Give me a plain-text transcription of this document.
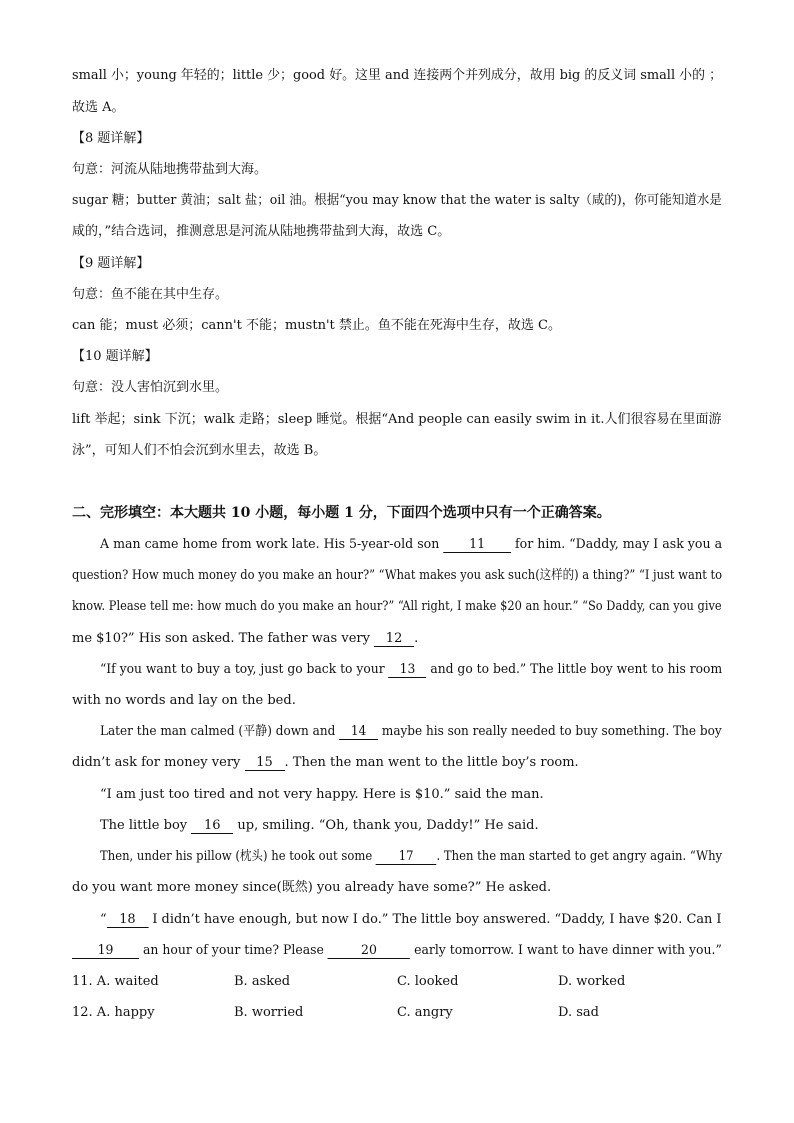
small 小；young 年轻的；little 少；good 好。这里 and 连接两个并列成分，故用 big 的反义词 small 小的 ；
故选 A。
【8 题详解】
句意：河流从陆地携带盐到大海。
sugar 糖；butter 黄油；salt 盐；oil 油。根据“you may know that the water is salty（咸的)，你可能知道水是
咸的，”结合选词，推测意思是河流从陆地携带盐到大海，故选 C。
【9 题详解】
句意：鱼不能在其中生存。
can 能；must 必须；cann't 不能；mustn't 禁止。鱼不能在死海中生存，故选 C。
【10 题详解】
句意：没人害怕沉到水里。
lift 举起；sink 下沉；walk 走路；sleep 睡觉。根据“And people can easily swim in it.人们很容易在里面游
泳”，可知人们不怕会沉到水里去，故选 B。
二、完形填空：本大题共 10 小题，每小题 1 分，下面四个选项中只有一个正确答案。
A man came home from work late. His 5-year-old son 11 for him. “Daddy, may I ask you a
question? How much money do you make an hour?” “What makes you ask such(这样的) a thing?” “I just want to
know. Please tell me: how much do you make an hour?” “All right, I make $20 an hour.” “So Daddy, can you give
me $10?” His son asked. The father was very 12 .
“If you want to buy a toy, just go back to your 13 and go to bed.” The little boy went to his room
with no words and lay on the bed.
Later the man calmed (平静) down and 14 maybe his son really needed to buy something. The boy
didn’t ask for money very 15 . Then the man went to the little boy’s room.
“I am just too tired and not very happy. Here is $10.” said the man.
The little boy 16 up, smiling. “Oh, thank you, Daddy!” He said.
Then, under his pillow (枕头) he took out some 17 . Then the man started to get angry again. “Why
do you want more money since(既然) you already have some?” He asked.
“ 18 I didn’t have enough, but now I do.” The little boy answered. “Daddy, I have $20. Can I
19 an hour of your time? Please	20	early tomorrow. I want to have dinner with you.”
11. A. waited	B. asked	C. looked	D. worked
12. A. happy	B. worried	C. angry	D. sad
